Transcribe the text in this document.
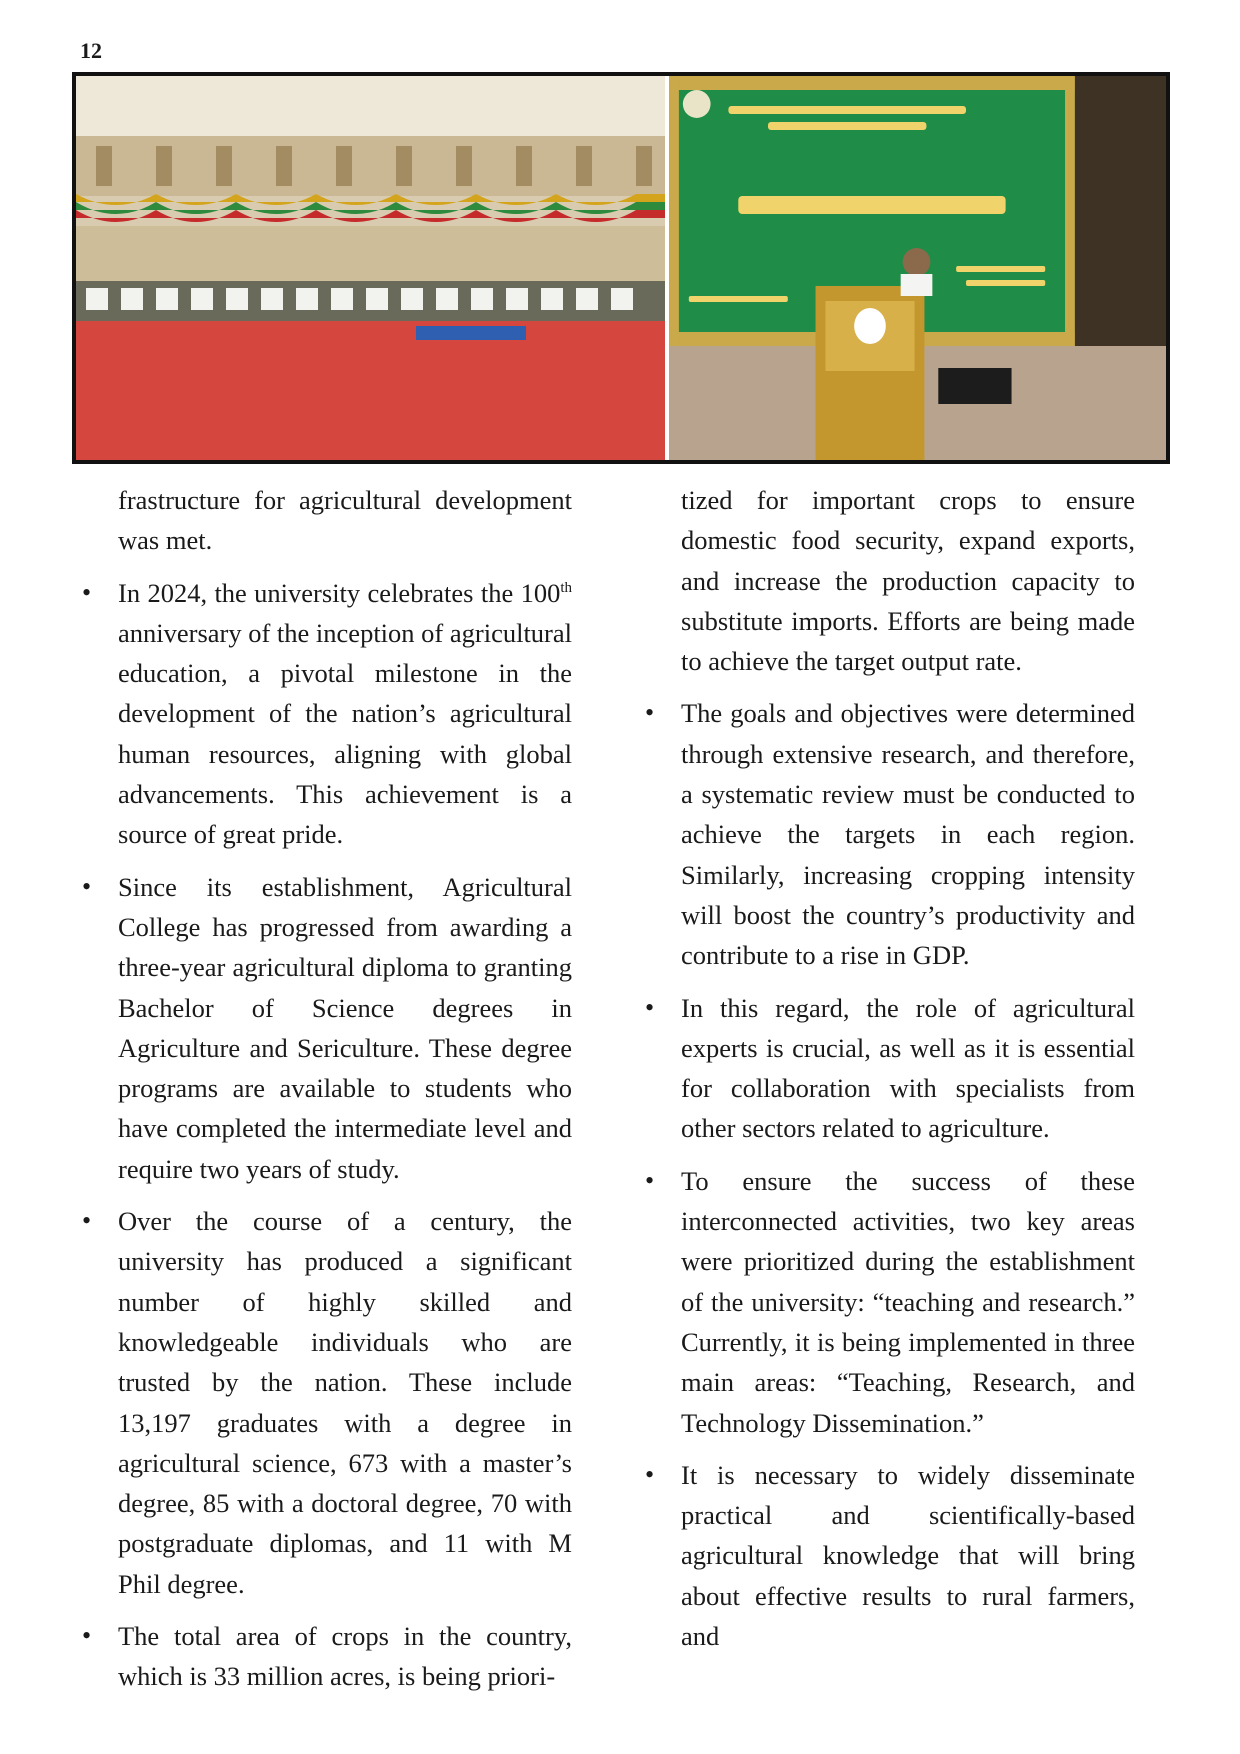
12

frastructure for agricultural development was met.

• In 2024, the university celebrates the 100th anniversary of the inception of agricultural education, a pivotal milestone in the development of the nation’s agricultural human resources, aligning with global advancements. This achievement is a source of great pride.
• Since its establishment, Agricultural College has progressed from awarding a three-year agricultural diploma to granting Bachelor of Science degrees in Agriculture and Sericulture. These degree programs are available to students who have completed the intermediate level and require two years of study.
• Over the course of a century, the university has produced a significant number of highly skilled and knowledgeable individuals who are trusted by the nation. These include 13,197 graduates with a degree in agricultural science, 673 with a master’s degree, 85 with a doctoral degree, 70 with postgraduate diplomas, and 11 with M Phil degree.
• The total area of crops in the country, which is 33 million acres, is being priori-

tized for important crops to ensure domestic food security, expand exports, and increase the production capacity to substitute imports. Efforts are being made to achieve the target output rate.

• The goals and objectives were determined through extensive research, and therefore, a systematic review must be conducted to achieve the targets in each region. Similarly, increasing cropping intensity will boost the country’s productivity and contribute to a rise in GDP.
• In this regard, the role of agricultural experts is crucial, as well as it is essential for collaboration with specialists from other sectors related to agriculture.
• To ensure the success of these interconnected activities, two key areas were prioritized during the establishment of the university: “teaching and research.” Currently, it is being implemented in three main areas: “Teaching, Research, and Technology Dissemination.”
• It is necessary to widely disseminate practical and scientifically-based agricultural knowledge that will bring about effective results to rural farmers, and
